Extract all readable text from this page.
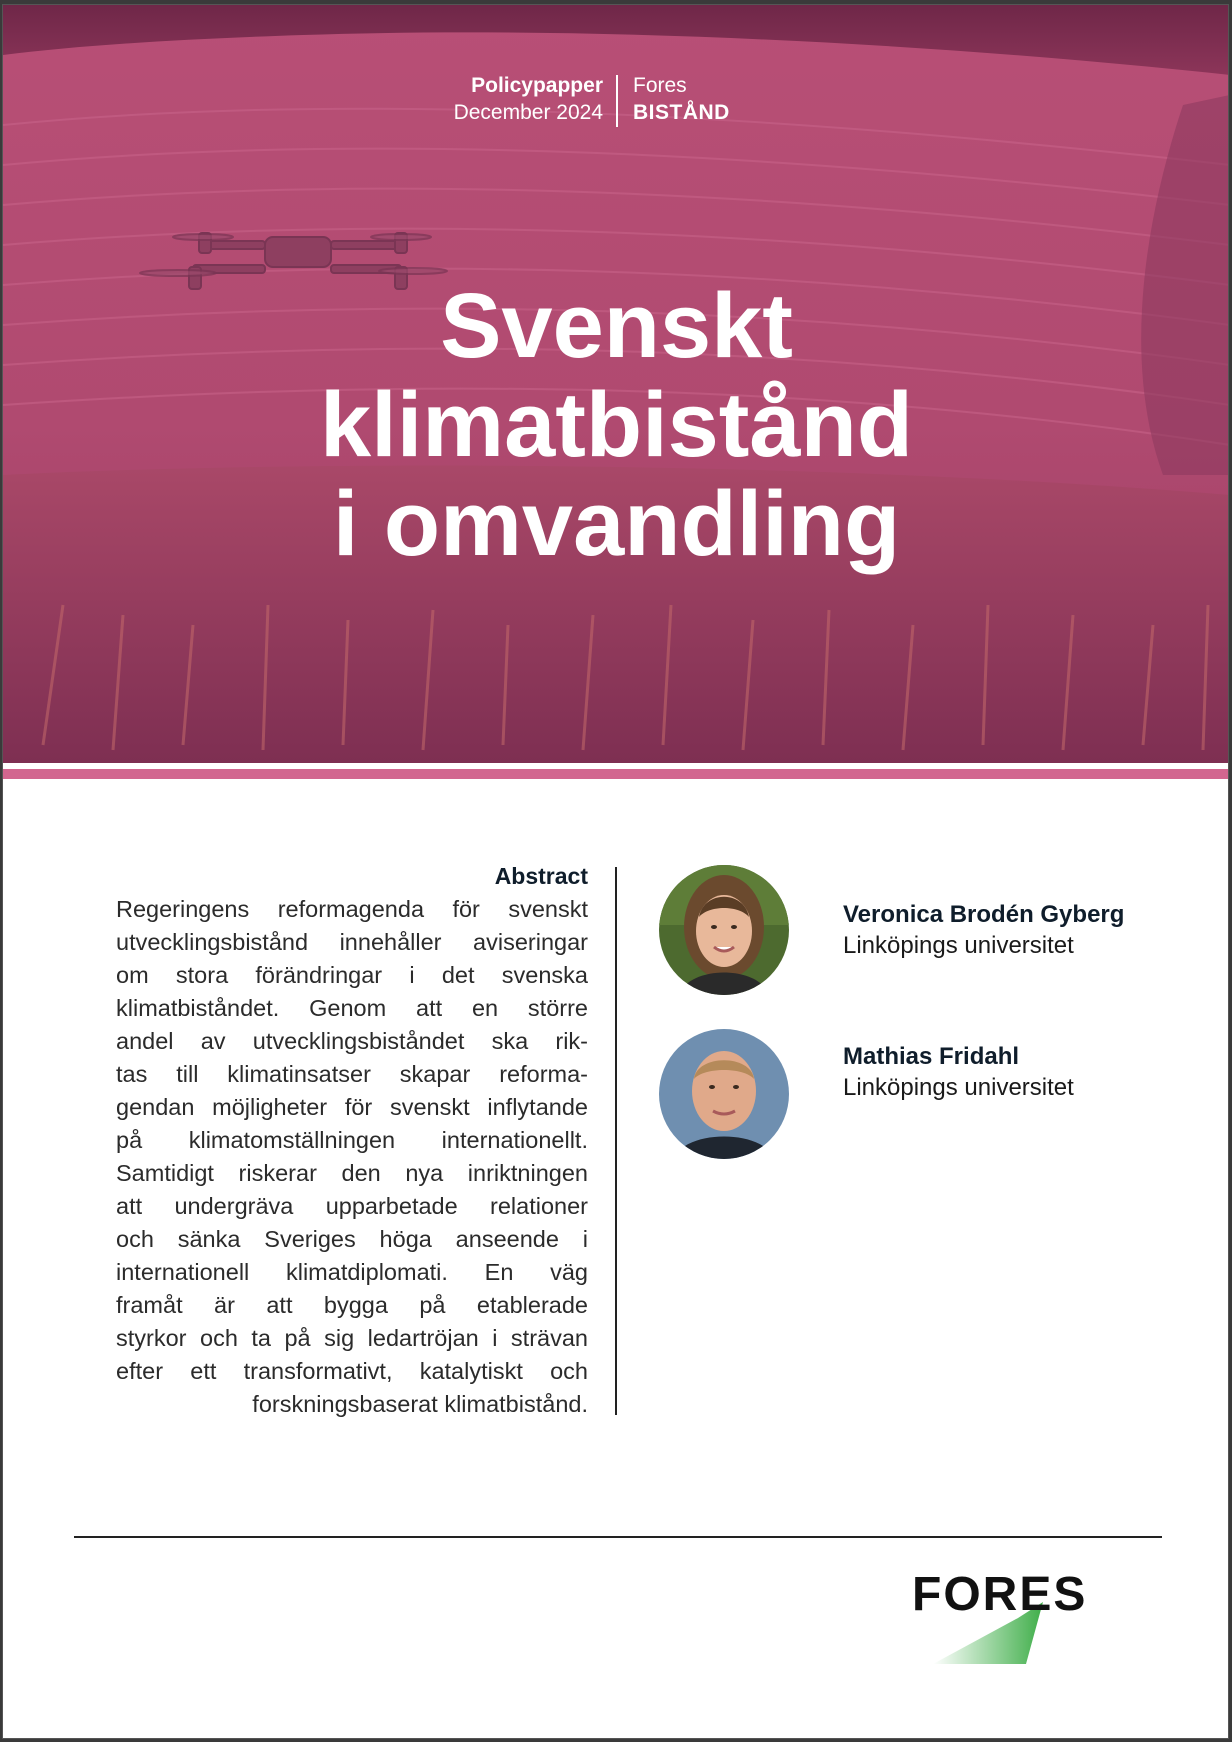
Policypapper
December 2024
Fores
BISTÅND
Svenskt
klimatbistånd
i omvandling
Abstract
Regeringens reformagenda för svenskt
utvecklingsbistånd innehåller aviseringar
om stora förändringar i det svenska
klimatbiståndet. Genom att en större
andel av utvecklingsbiståndet ska rik-
tas till klimatinsatser skapar reforma-
gendan möjligheter för svenskt inflytande
på klimatomställningen internationellt.
Samtidigt riskerar den nya inriktningen
att undergräva upparbetade relationer
och sänka Sveriges höga anseende i
internationell klimatdiplomati. En väg
framåt är att bygga på etablerade
styrkor och ta på sig ledartröjan i strävan
efter ett transformativt, katalytiskt och
forskningsbaserat klimatbistånd.
Veronica Brodén Gyberg
Linköpings universitet
Mathias Fridahl
Linköpings universitet
FORES
